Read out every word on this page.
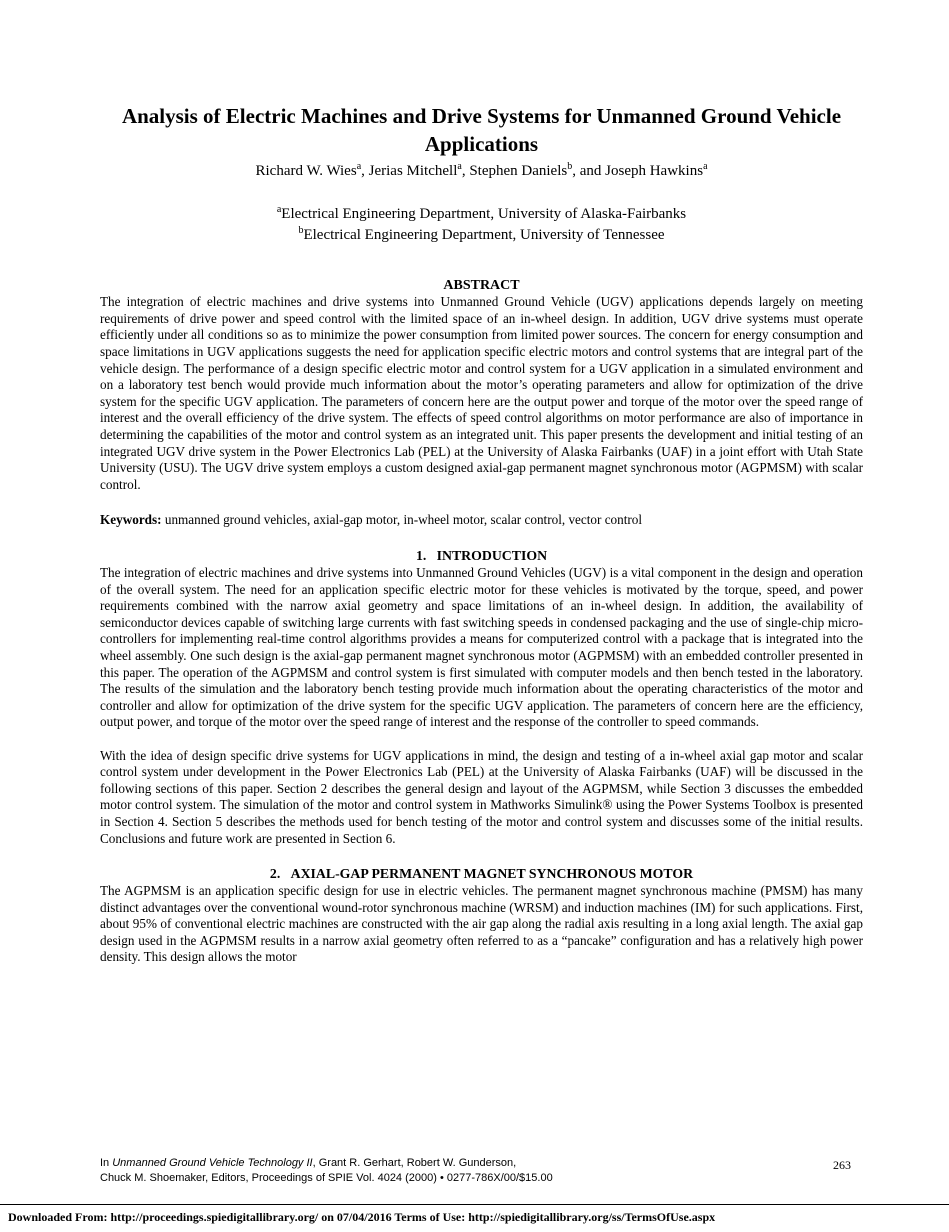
Analysis of Electric Machines and Drive Systems for Unmanned Ground Vehicle Applications
Richard W. Wies$^a$, Jerias Mitchell$^a$, Stephen Daniels$^b$, and Joseph Hawkins$^a$
$^a$Electrical Engineering Department, University of Alaska-Fairbanks
$^b$Electrical Engineering Department, University of Tennessee
ABSTRACT

The integration of electric machines and drive systems into Unmanned Ground Vehicle (UGV) applications depends largely on meeting requirements of drive power and speed control with the limited space of an in-wheel design. In addition, UGV drive systems must operate efficiently under all conditions so as to minimize the power consumption from limited power sources. The concern for energy consumption and space limitations in UGV applications suggests the need for application specific electric motors and control systems that are integral part of the vehicle design. The performance of a design specific electric motor and control system for a UGV application in a simulated environment and on a laboratory test bench would provide much information about the motor’s operating parameters and allow for optimization of the drive system for the specific UGV application. The parameters of concern here are the output power and torque of the motor over the speed range of interest and the overall efficiency of the drive system. The effects of speed control algorithms on motor performance are also of importance in determining the capabilities of the motor and control system as an integrated unit. This paper presents the development and initial testing of an integrated UGV drive system in the Power Electronics Lab (PEL) at the University of Alaska Fairbanks (UAF) in a joint effort with Utah State University (USU). The UGV drive system employs a custom designed axial-gap permanent magnet synchronous motor (AGPMSM) with scalar control.

Keywords: unmanned ground vehicles, axial-gap motor, in-wheel motor, scalar control, vector control

1.   INTRODUCTION

The integration of electric machines and drive systems into Unmanned Ground Vehicles (UGV) is a vital component in the design and operation of the overall system. The need for an application specific electric motor for these vehicles is motivated by the torque, speed, and power requirements combined with the narrow axial geometry and space limitations of an in-wheel design. In addition, the availability of semiconductor devices capable of switching large currents with fast switching speeds in condensed packaging and the use of single-chip micro-controllers for implementing real-time control algorithms provides a means for computerized control with a package that is integrated into the wheel assembly. One such design is the axial-gap permanent magnet synchronous motor (AGPMSM) with an embedded controller presented in this paper. The operation of the AGPMSM and control system is first simulated with computer models and then bench tested in the laboratory. The results of the simulation and the laboratory bench testing provide much information about the operating characteristics of the motor and controller and allow for optimization of the drive system for the specific UGV application. The parameters of concern here are the efficiency, output power, and torque of the motor over the speed range of interest and the response of the controller to speed commands.

With the idea of design specific drive systems for UGV applications in mind, the design and testing of a in-wheel axial gap motor and scalar control system under development in the Power Electronics Lab (PEL) at the University of Alaska Fairbanks (UAF) will be discussed in the following sections of this paper. Section 2 describes the general design and layout of the AGPMSM, while Section 3 discusses the embedded motor control system. The simulation of the motor and control system in Mathworks Simulink® using the Power Systems Toolbox is presented in Section 4. Section 5 describes the methods used for bench testing of the motor and control system and discusses some of the initial results. Conclusions and future work are presented in Section 6.

2.   AXIAL-GAP PERMANENT MAGNET SYNCHRONOUS MOTOR

The AGPMSM is an application specific design for use in electric vehicles. The permanent magnet synchronous machine (PMSM) has many distinct advantages over the conventional wound-rotor synchronous machine (WRSM) and induction machines (IM) for such applications. First, about 95% of conventional electric machines are constructed with the air gap along the radial axis resulting in a long axial length. The axial gap design used in the AGPMSM results in a narrow axial geometry often referred to as a “pancake” configuration and has a relatively high power density. This design allows the motor

In Unmanned Ground Vehicle Technology II, Grant R. Gerhart, Robert W. Gunderson,
Chuck M. Shoemaker, Editors, Proceedings of SPIE Vol. 4024 (2000) • 0277-786X/00/$15.00
263
Downloaded From: http://proceedings.spiedigitallibrary.org/ on 07/04/2016 Terms of Use: http://spiedigitallibrary.org/ss/TermsOfUse.aspx
